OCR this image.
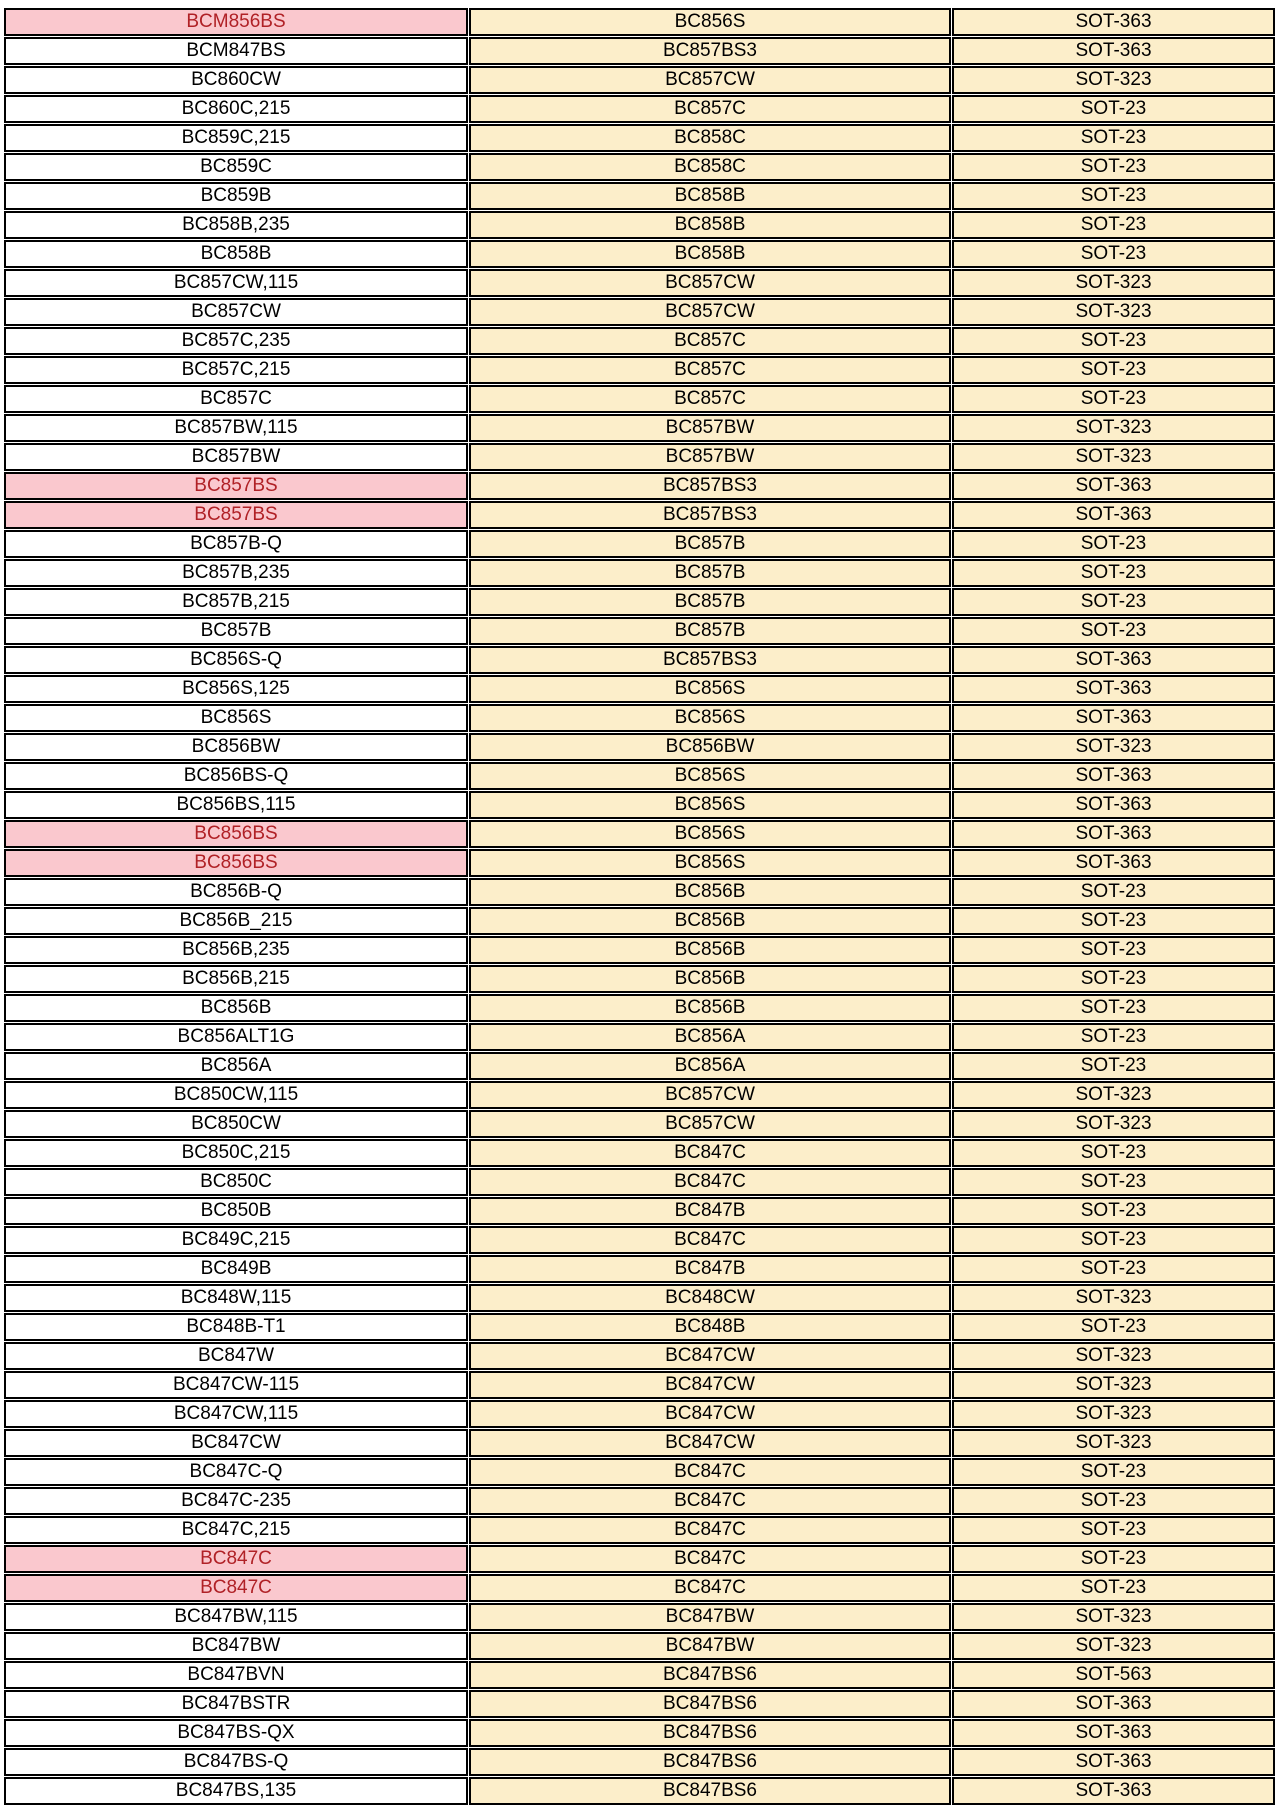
BCM856BS	BC856S	SOT-363
BCM847BS	BC857BS3	SOT-363
BC860CW	BC857CW	SOT-323
BC860C,215	BC857C	SOT-23
BC859C,215	BC858C	SOT-23
BC859C	BC858C	SOT-23
BC859B	BC858B	SOT-23
BC858B,235	BC858B	SOT-23
BC858B	BC858B	SOT-23
BC857CW,115	BC857CW	SOT-323
BC857CW	BC857CW	SOT-323
BC857C,235	BC857C	SOT-23
BC857C,215	BC857C	SOT-23
BC857C	BC857C	SOT-23
BC857BW,115	BC857BW	SOT-323
BC857BW	BC857BW	SOT-323
BC857BS	BC857BS3	SOT-363
BC857BS	BC857BS3	SOT-363
BC857B-Q	BC857B	SOT-23
BC857B,235	BC857B	SOT-23
BC857B,215	BC857B	SOT-23
BC857B	BC857B	SOT-23
BC856S-Q	BC857BS3	SOT-363
BC856S,125	BC856S	SOT-363
BC856S	BC856S	SOT-363
BC856BW	BC856BW	SOT-323
BC856BS-Q	BC856S	SOT-363
BC856BS,115	BC856S	SOT-363
BC856BS	BC856S	SOT-363
BC856BS	BC856S	SOT-363
BC856B-Q	BC856B	SOT-23
BC856B_215	BC856B	SOT-23
BC856B,235	BC856B	SOT-23
BC856B,215	BC856B	SOT-23
BC856B	BC856B	SOT-23
BC856ALT1G	BC856A	SOT-23
BC856A	BC856A	SOT-23
BC850CW,115	BC857CW	SOT-323
BC850CW	BC857CW	SOT-323
BC850C,215	BC847C	SOT-23
BC850C	BC847C	SOT-23
BC850B	BC847B	SOT-23
BC849C,215	BC847C	SOT-23
BC849B	BC847B	SOT-23
BC848W,115	BC848CW	SOT-323
BC848B-T1	BC848B	SOT-23
BC847W	BC847CW	SOT-323
BC847CW-115	BC847CW	SOT-323
BC847CW,115	BC847CW	SOT-323
BC847CW	BC847CW	SOT-323
BC847C-Q	BC847C	SOT-23
BC847C-235	BC847C	SOT-23
BC847C,215	BC847C	SOT-23
BC847C	BC847C	SOT-23
BC847C	BC847C	SOT-23
BC847BW,115	BC847BW	SOT-323
BC847BW	BC847BW	SOT-323
BC847BVN	BC847BS6	SOT-563
BC847BSTR	BC847BS6	SOT-363
BC847BS-QX	BC847BS6	SOT-363
BC847BS-Q	BC847BS6	SOT-363
BC847BS,135	BC847BS6	SOT-363
